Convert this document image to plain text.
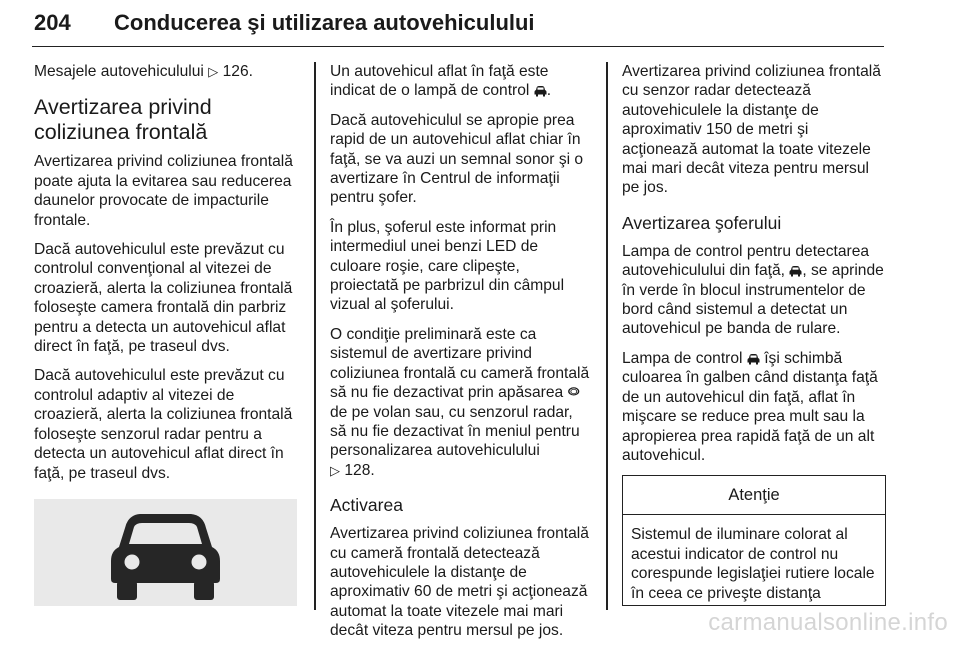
204 Conducerea şi utilizarea autovehiculului

Mesajele autovehiculului ▷ 126.

Avertizarea privind coliziunea frontală

Avertizarea privind coliziunea frontală poate ajuta la evitarea sau reducerea daunelor provocate de impacturile frontale.

Dacă autovehiculul este prevăzut cu controlul convenţional al vitezei de croazieră, alerta la coliziunea frontală foloseşte camera frontală din parbriz pentru a detecta un autovehicul aflat direct în faţă, pe traseul dvs.

Dacă autovehiculul este prevăzut cu controlul adaptiv al vitezei de croazieră, alerta la coliziunea frontală foloseşte senzorul radar pentru a detecta un autovehicul aflat direct în faţă, pe traseul dvs.

Un autovehicul aflat în faţă este indicat de o lampă de control .

Dacă autovehiculul se apropie prea rapid de un autovehicul aflat chiar în faţă, se va auzi un semnal sonor şi o avertizare în Centrul de informaţii pentru şofer.

În plus, şoferul este informat prin intermediul unei benzi LED de culoare roşie, care clipeşte, proiectată pe parbrizul din câmpul vizual al şoferului.

O condiţie preliminară este ca sistemul de avertizare privind coliziunea frontală cu cameră frontală să nu fie dezactivat prin apăsarea ⭖ de pe volan sau, cu senzorul radar, să nu fie dezactivat în meniul pentru personalizarea autovehiculului
▷ 128.

Activarea

Avertizarea privind coliziunea frontală cu cameră frontală detectează autovehiculele la distanţe de aproximativ 60 de metri şi acţionează automat la toate vitezele mai mari decât viteza pentru mersul pe jos.

Avertizarea privind coliziunea frontală cu senzor radar detectează autovehiculele la distanţe de aproximativ 150 de metri şi acţionează automat la toate vitezele mai mari decât viteza pentru mersul pe jos.

Avertizarea şoferului

Lampa de control pentru detectarea autovehiculului din faţă, , se aprinde în verde în blocul instrumentelor de bord când sistemul a detectat un autovehicul pe banda de rulare.

Lampa de control îşi schimbă culoarea în galben când distanţa faţă de un autovehicul din faţă, aflat în mişcare se reduce prea mult sau la apropierea prea rapidă faţă de un alt autovehicul.

Atenţie
Sistemul de iluminare colorat al acestui indicator de control nu corespunde legislaţiei rutiere locale în ceea ce priveşte distanţa
carmanualsonline.info
